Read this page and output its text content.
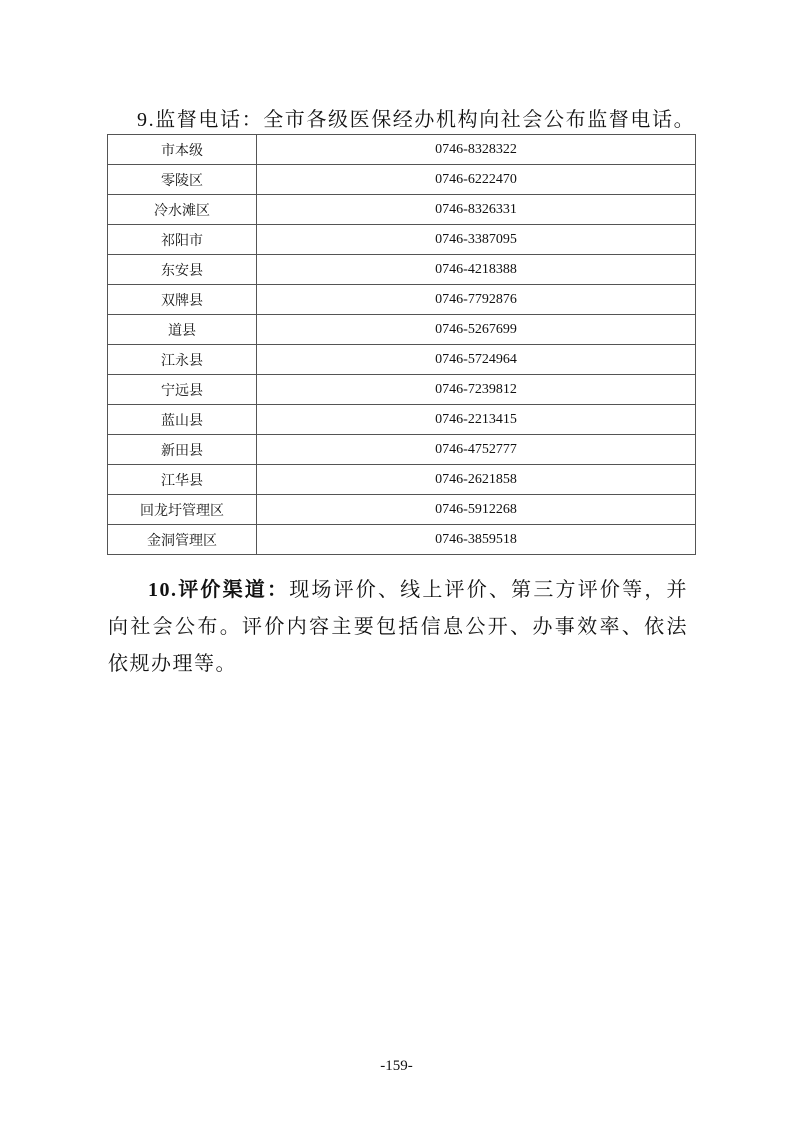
9.监督电话：全市各级医保经办机构向社会公布监督电话。
市本级	0746-8328322
零陵区	0746-6222470
冷水滩区	0746-8326331
祁阳市	0746-3387095
东安县	0746-4218388
双牌县	0746-7792876
道县	0746-5267699
江永县	0746-5724964
宁远县	0746-7239812
蓝山县	0746-2213415
新田县	0746-4752777
江华县	0746-2621858
回龙圩管理区	0746-5912268
金洞管理区	0746-3859518
10.评价渠道：现场评价、线上评价、第三方评价等，并向社会公布。评价内容主要包括信息公开、办事效率、依法依规办理等。
-159-
